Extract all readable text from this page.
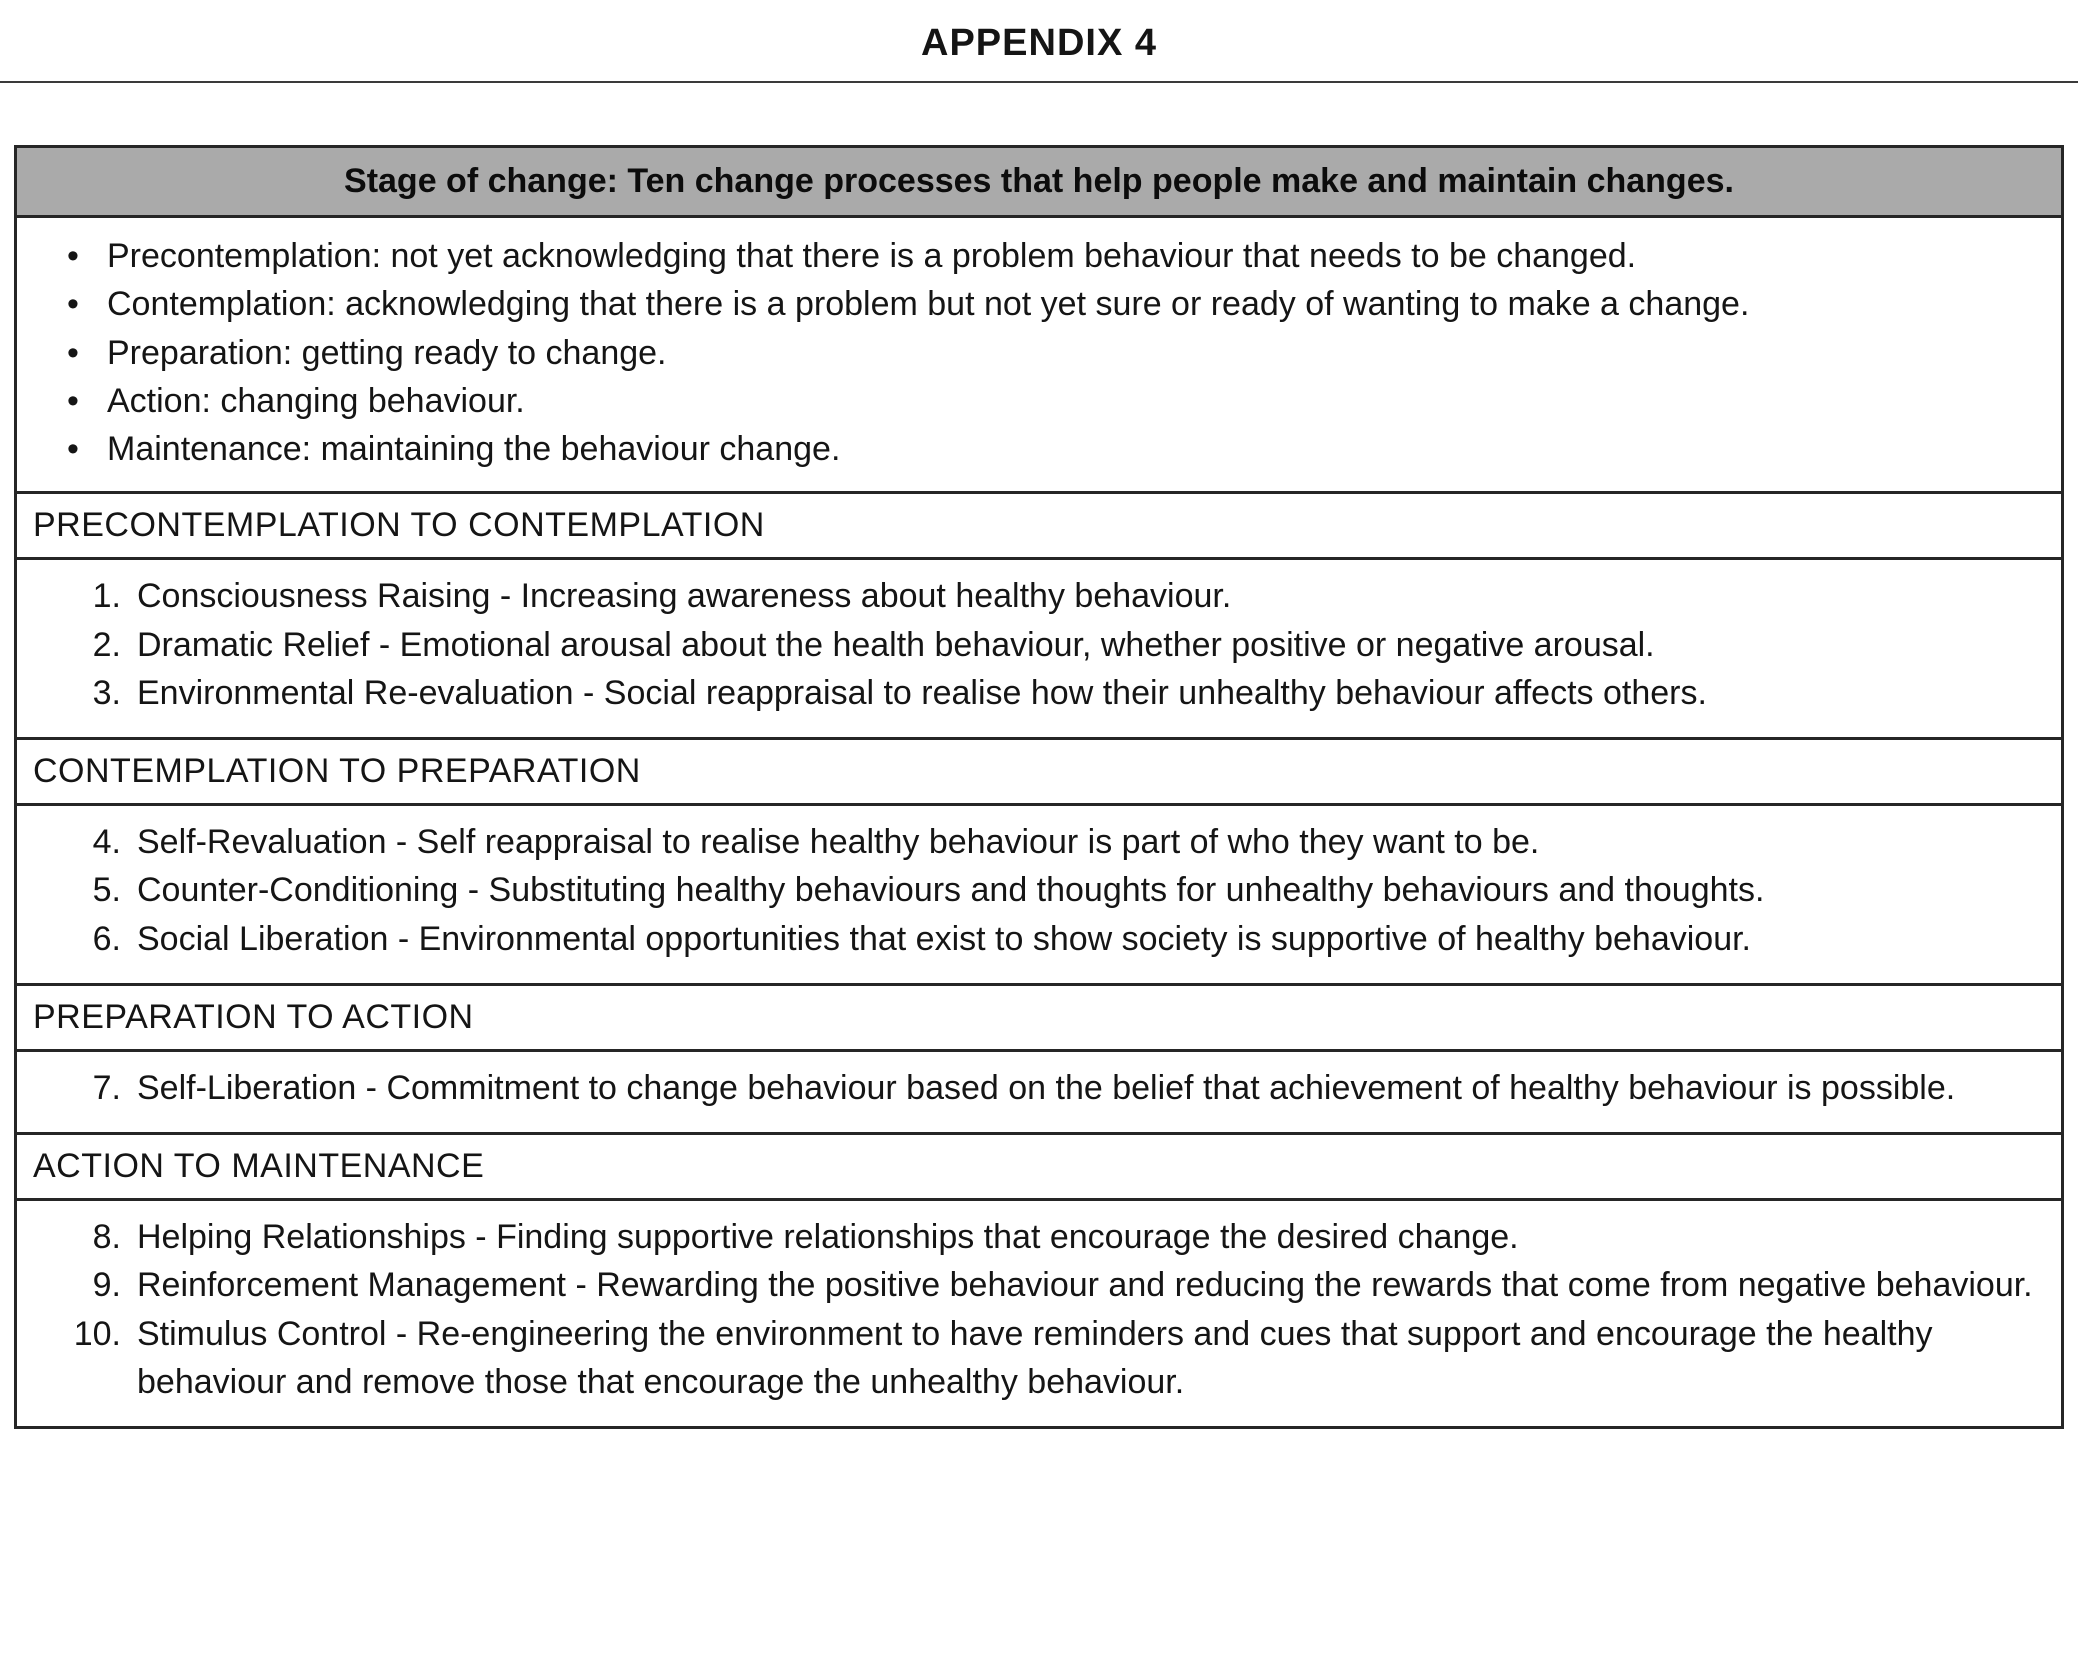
APPENDIX 4
Stage of change: Ten change processes that help people make and maintain changes.
• Precontemplation: not yet acknowledging that there is a problem behaviour that needs to be changed.
• Contemplation: acknowledging that there is a problem but not yet sure or ready of wanting to make a change.
• Preparation: getting ready to change.
• Action: changing behaviour.
• Maintenance: maintaining the behaviour change.
PRECONTEMPLATION TO CONTEMPLATION
1. Consciousness Raising - Increasing awareness about healthy behaviour.
2. Dramatic Relief - Emotional arousal about the health behaviour, whether positive or negative arousal.
3. Environmental Re-evaluation - Social reappraisal to realise how their unhealthy behaviour affects others.
CONTEMPLATION TO PREPARATION
4. Self-Revaluation - Self reappraisal to realise healthy behaviour is part of who they want to be.
5. Counter-Conditioning - Substituting healthy behaviours and thoughts for unhealthy behaviours and thoughts.
6. Social Liberation - Environmental opportunities that exist to show society is supportive of healthy behaviour.
PREPARATION TO ACTION
7. Self-Liberation - Commitment to change behaviour based on the belief that achievement of healthy behaviour is possible.
ACTION TO MAINTENANCE
8. Helping Relationships - Finding supportive relationships that encourage the desired change.
9. Reinforcement Management - Rewarding the positive behaviour and reducing the rewards that come from negative behaviour.
10. Stimulus Control - Re-engineering the environment to have reminders and cues that support and encourage the healthy behaviour and remove those that encourage the unhealthy behaviour.
